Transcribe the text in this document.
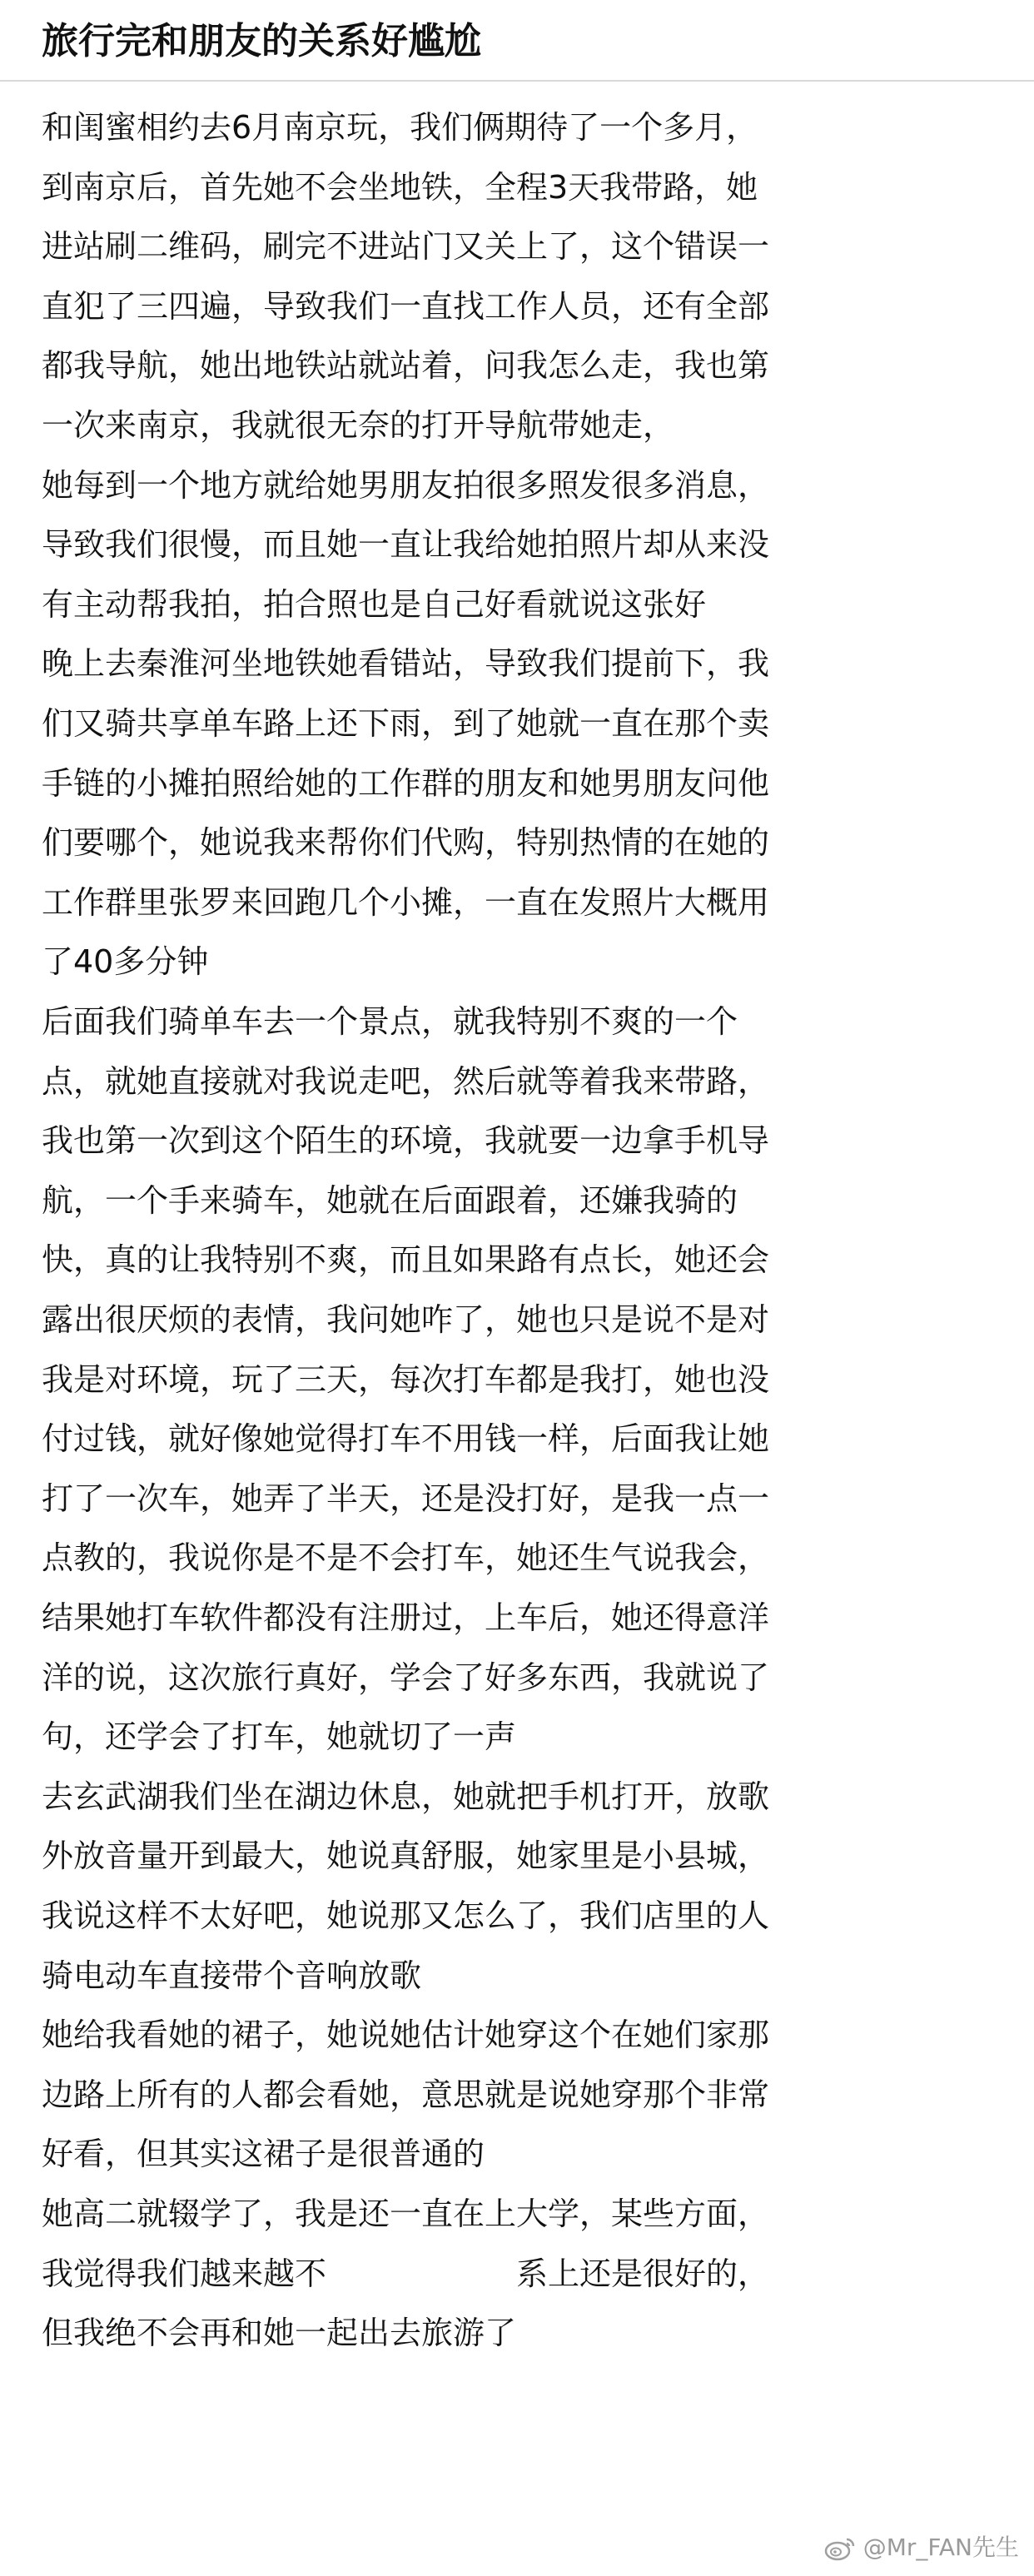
旅行完和朋友的关系好尴尬
和闺蜜相约去6月南京玩，我们俩期待了一个多月，
到南京后，首先她不会坐地铁，全程3天我带路，她
进站刷二维码，刷完不进站门又关上了，这个错误一
直犯了三四遍，导致我们一直找工作人员，还有全部
都我导航，她出地铁站就站着，问我怎么走，我也第
一次来南京，我就很无奈的打开导航带她走，
她每到一个地方就给她男朋友拍很多照发很多消息，
导致我们很慢，而且她一直让我给她拍照片却从来没
有主动帮我拍，拍合照也是自己好看就说这张好
晚上去秦淮河坐地铁她看错站，导致我们提前下，我
们又骑共享单车路上还下雨，到了她就一直在那个卖
手链的小摊拍照给她的工作群的朋友和她男朋友问他
们要哪个，她说我来帮你们代购，特别热情的在她的
工作群里张罗来回跑几个小摊，一直在发照片大概用
了40多分钟
后面我们骑单车去一个景点，就我特别不爽的一个
点，就她直接就对我说走吧，然后就等着我来带路，
我也第一次到这个陌生的环境，我就要一边拿手机导
航，一个手来骑车，她就在后面跟着，还嫌我骑的
快，真的让我特别不爽，而且如果路有点长，她还会
露出很厌烦的表情，我问她咋了，她也只是说不是对
我是对环境，玩了三天，每次打车都是我打，她也没
付过钱，就好像她觉得打车不用钱一样，后面我让她
打了一次车，她弄了半天，还是没打好，是我一点一
点教的，我说你是不是不会打车，她还生气说我会，
结果她打车软件都没有注册过，上车后，她还得意洋
洋的说，这次旅行真好，学会了好多东西，我就说了
句，还学会了打车，她就切了一声
去玄武湖我们坐在湖边休息，她就把手机打开，放歌
外放音量开到最大，她说真舒服，她家里是小县城，
我说这样不太好吧，她说那又怎么了，我们店里的人
骑电动车直接带个音响放歌
她给我看她的裙子，她说她估计她穿这个在她们家那
边路上所有的人都会看她，意思就是说她穿那个非常
好看，但其实这裙子是很普通的
她高二就辍学了，我是还一直在上大学，某些方面，
我觉得我们越来越不　　　　　　系上还是很好的，
但我绝不会再和她一起出去旅游了
@Mr_FAN先生
